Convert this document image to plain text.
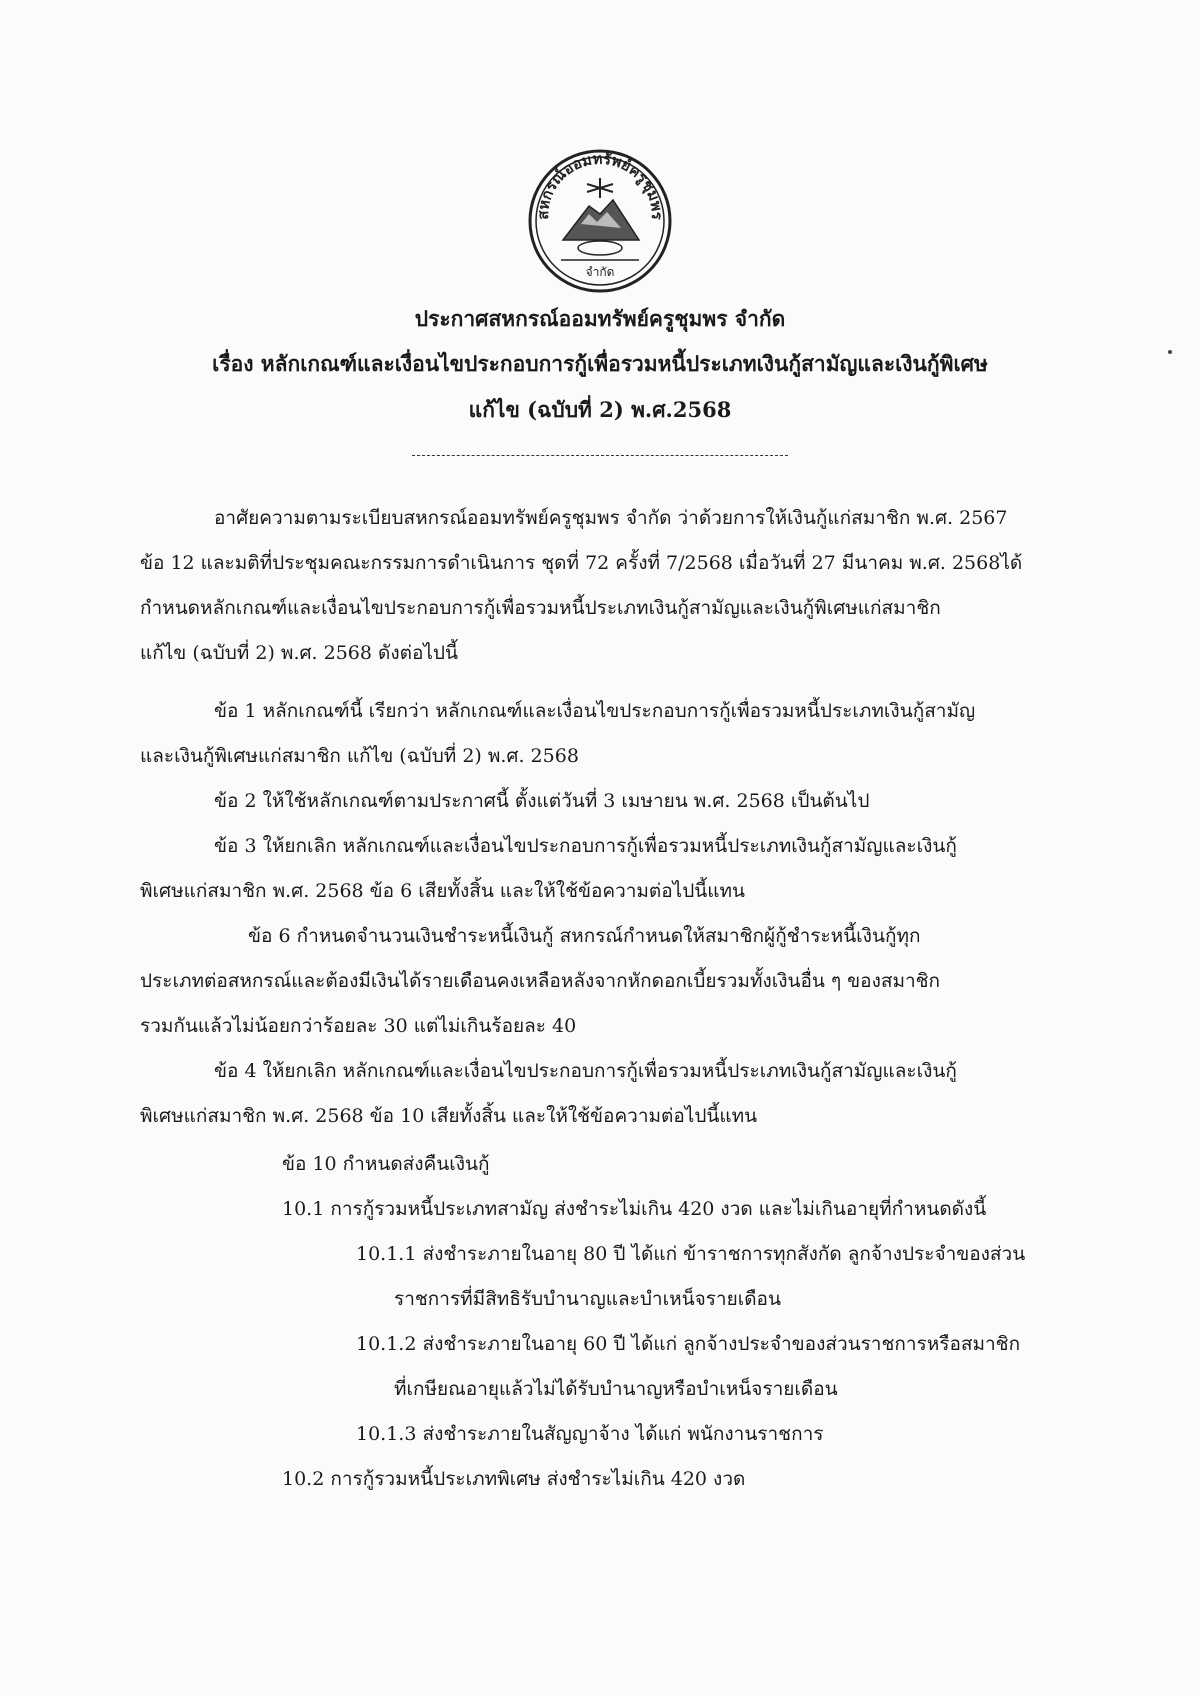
สหกรณ์ออมทรัพย์ครูชุมพร
จำกัด
ประกาศสหกรณ์ออมทรัพย์ครูชุมพร จำกัด
เรื่อง หลักเกณฑ์และเงื่อนไขประกอบการกู้เพื่อรวมหนี้ประเภทเงินกู้สามัญและเงินกู้พิเศษ
แก้ไข (ฉบับที่ 2) พ.ศ.2568
อาศัยความตามระเบียบสหกรณ์ออมทรัพย์ครูชุมพร จำกัด ว่าด้วยการให้เงินกู้แก่สมาชิก พ.ศ. 2567
ข้อ 12 และมติที่ประชุมคณะกรรมการดำเนินการ ชุดที่ 72 ครั้งที่ 7/2568 เมื่อวันที่ 27 มีนาคม พ.ศ. 2568ได้
กำหนดหลักเกณฑ์และเงื่อนไขประกอบการกู้เพื่อรวมหนี้ประเภทเงินกู้สามัญและเงินกู้พิเศษแก่สมาชิก
แก้ไข (ฉบับที่ 2) พ.ศ. 2568 ดังต่อไปนี้
ข้อ 1 หลักเกณฑ์นี้ เรียกว่า หลักเกณฑ์และเงื่อนไขประกอบการกู้เพื่อรวมหนี้ประเภทเงินกู้สามัญ
และเงินกู้พิเศษแก่สมาชิก แก้ไข (ฉบับที่ 2) พ.ศ. 2568
ข้อ 2 ให้ใช้หลักเกณฑ์ตามประกาศนี้ ตั้งแต่วันที่ 3 เมษายน พ.ศ. 2568 เป็นต้นไป
ข้อ 3 ให้ยกเลิก หลักเกณฑ์และเงื่อนไขประกอบการกู้เพื่อรวมหนี้ประเภทเงินกู้สามัญและเงินกู้
พิเศษแก่สมาชิก พ.ศ. 2568 ข้อ 6 เสียทั้งสิ้น และให้ใช้ข้อความต่อไปนี้แทน
ข้อ 6 กำหนดจำนวนเงินชำระหนี้เงินกู้ สหกรณ์กำหนดให้สมาชิกผู้กู้ชำระหนี้เงินกู้ทุก
ประเภทต่อสหกรณ์และต้องมีเงินได้รายเดือนคงเหลือหลังจากหักดอกเบี้ยรวมทั้งเงินอื่น ๆ ของสมาชิก
รวมกันแล้วไม่น้อยกว่าร้อยละ 30 แต่ไม่เกินร้อยละ 40
ข้อ 4 ให้ยกเลิก หลักเกณฑ์และเงื่อนไขประกอบการกู้เพื่อรวมหนี้ประเภทเงินกู้สามัญและเงินกู้
พิเศษแก่สมาชิก พ.ศ. 2568 ข้อ 10 เสียทั้งสิ้น และให้ใช้ข้อความต่อไปนี้แทน
ข้อ 10 กำหนดส่งคืนเงินกู้
10.1 การกู้รวมหนี้ประเภทสามัญ ส่งชำระไม่เกิน 420 งวด และไม่เกินอายุที่กำหนดดังนี้
10.1.1 ส่งชำระภายในอายุ 80 ปี ได้แก่ ข้าราชการทุกสังกัด ลูกจ้างประจำของส่วน
ราชการที่มีสิทธิรับบำนาญและบำเหน็จรายเดือน
10.1.2 ส่งชำระภายในอายุ 60 ปี ได้แก่ ลูกจ้างประจำของส่วนราชการหรือสมาชิก
ที่เกษียณอายุแล้วไม่ได้รับบำนาญหรือบำเหน็จรายเดือน
10.1.3 ส่งชำระภายในสัญญาจ้าง ได้แก่ พนักงานราชการ
10.2 การกู้รวมหนี้ประเภทพิเศษ ส่งชำระไม่เกิน 420 งวด
